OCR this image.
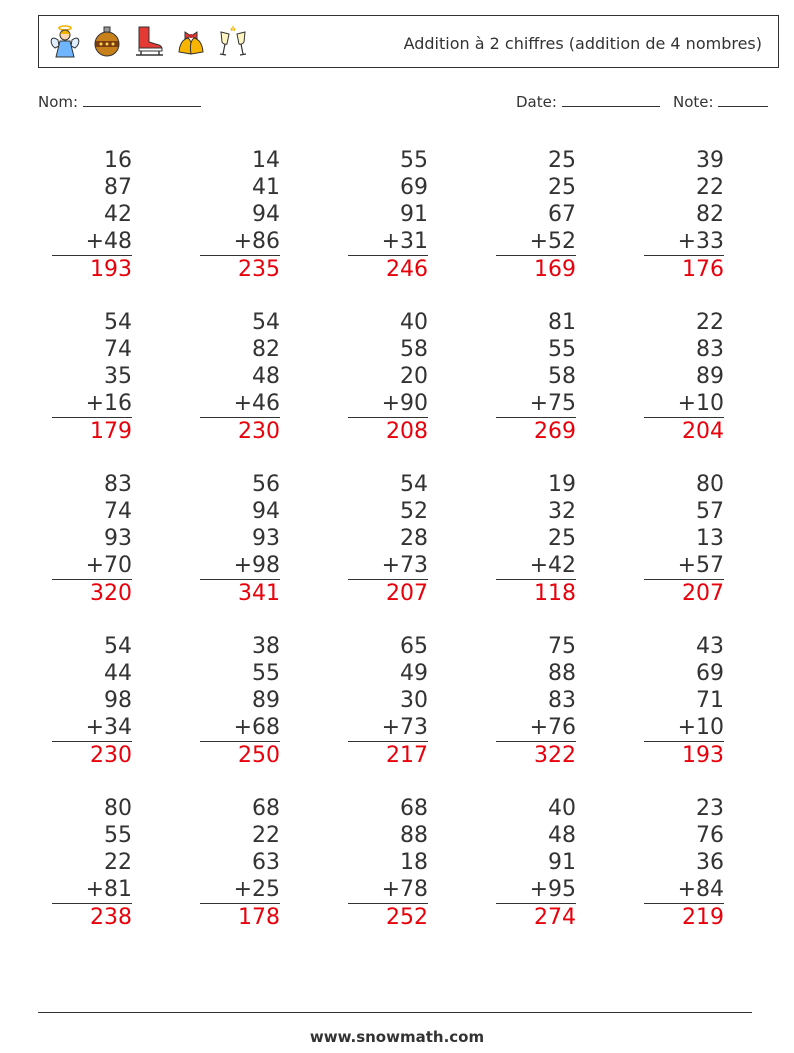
Addition à 2 chiffres (addition de 4 nombres)
Nom:	Date:	Note:
16
87
42
+48
193
14
41
94
+86
235
55
69
91
+31
246
25
25
67
+52
169
39
22
82
+33
176
54
74
35
+16
179
54
82
48
+46
230
40
58
20
+90
208
81
55
58
+75
269
22
83
89
+10
204
83
74
93
+70
320
56
94
93
+98
341
54
52
28
+73
207
19
32
25
+42
118
80
57
13
+57
207
54
44
98
+34
230
38
55
89
+68
250
65
49
30
+73
217
75
88
83
+76
322
43
69
71
+10
193
80
55
22
+81
238
68
22
63
+25
178
68
88
18
+78
252
40
48
91
+95
274
23
76
36
+84
219
www.snowmath.com
